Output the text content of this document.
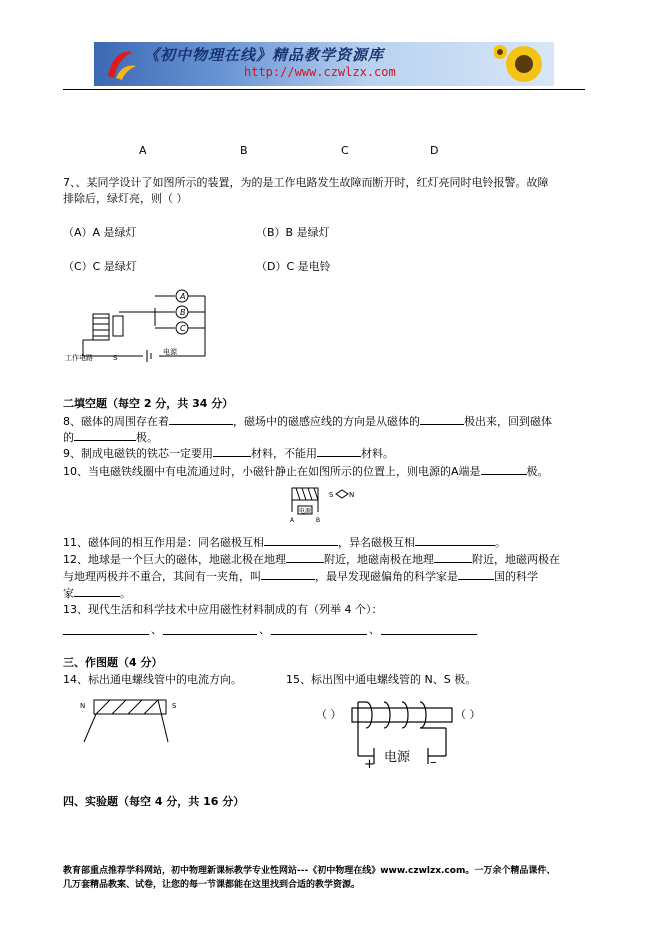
《初中物理在线》精品教学资源库
http://www.czwlzx.com
A	B	C	D
7、、某同学设计了如图所示的装置，为的是工作电路发生故障而断开时，红灯亮同时电铃报警。故障
排除后，绿灯亮，则（ ）
（A）A 是绿灯	（B）B 是绿灯
（C）C 是绿灯	（D）C 是电铃
A
B
C
工作电路	S
电源
二填空题（每空 2 分，共 34 分）
8、磁体的周围存在着	，磁场中的磁感应线的方向是从磁体的	极出来，回到磁体
的	极。
9、制成电磁铁的铁芯一定要用	材料，不能用	材料。
10、当电磁铁线圈中有电流通过时，小磁针静止在如图所示的位置上，则电源的A端是	极。
S N
电源
A	B
11、磁体间的相互作用是：同名磁极互相	，异名磁极互相	。
12、地球是一个巨大的磁体，地磁北极在地理	附近，地磁南极在地理	附近，地磁两极在
与地理两极并不重合，其间有一夹角，叫	，最早发现磁偏角的科学家是	国的科学
家	。
13、现代生活和科学技术中应用磁性材料制成的有（列举 4 个）：
、	、	、
三、作图题（4 分）
14、标出通电螺线管中的电流方向。	15、标出图中通电螺线管的 N、S 极。
N	S
（ ）	（ ）
电源
+	–
四、实验题（每空 4 分，共 16 分）
教育部重点推荐学科网站，初中物理新课标教学专业性网站---《初中物理在线》www.czwlzx.com。一万余个精品课件、
几万套精品教案、试卷，让您的每一节课都能在这里找到合适的教学资源。
